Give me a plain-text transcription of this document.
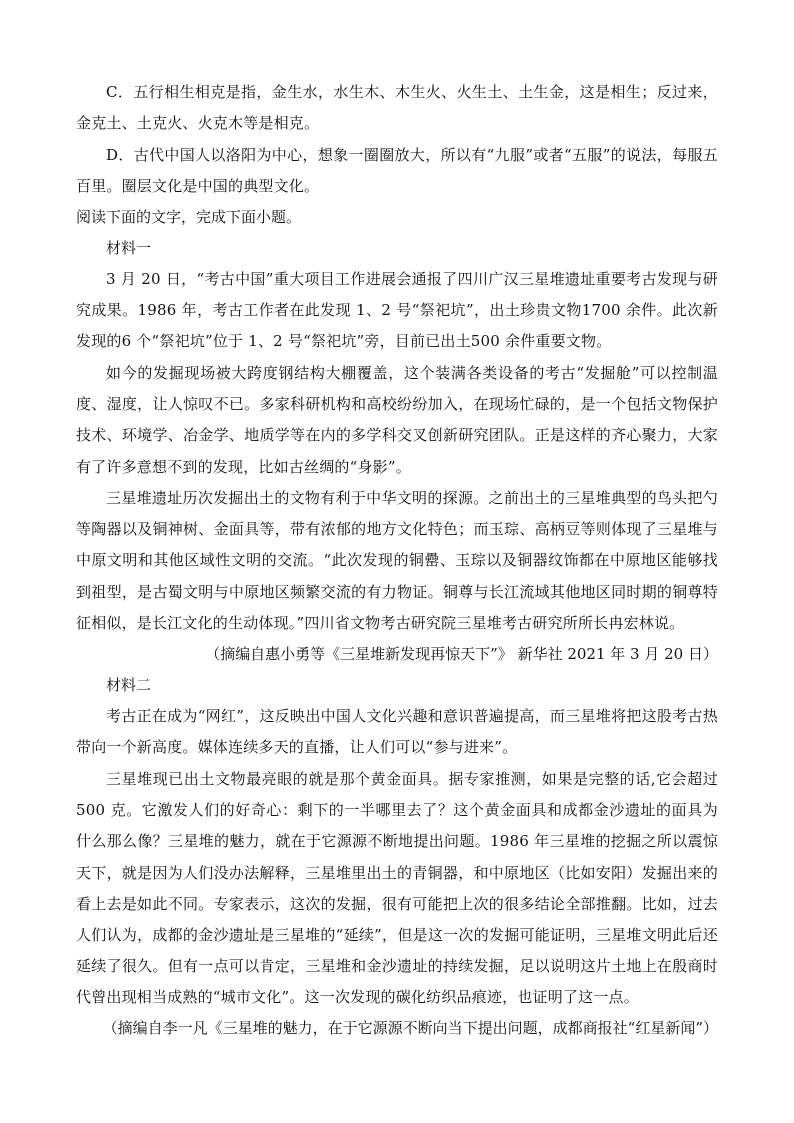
C．五行相生相克是指，金生水，水生木、木生火、火生土、土生金，这是相生；反过来，金克土、土克火、火克木等是相克。

D．古代中国人以洛阳为中心，想象一圈圈放大，所以有“九服”或者“五服”的说法，每服五百里。圈层文化是中国的典型文化。

阅读下面的文字，完成下面小题。

材料一

3 月 20 日，“考古中国”重大项目工作进展会通报了四川广汉三星堆遗址重要考古发现与研究成果。1986 年，考古工作者在此发现 1、2 号“祭祀坑”，出土珍贵文物1700 余件。此次新发现的6 个“祭祀坑”位于 1、2 号“祭祀坑”旁，目前已出土500 余件重要文物。

如今的发掘现场被大跨度钢结构大棚覆盖，这个装满各类设备的考古“发掘舱”可以控制温度、湿度，让人惊叹不已。多家科研机构和高校纷纷加入，在现场忙碌的，是一个包括文物保护技术、环境学、冶金学、地质学等在内的多学科交叉创新研究团队。正是这样的齐心聚力，大家有了许多意想不到的发现，比如古丝绸的“身影”。

三星堆遗址历次发掘出土的文物有利于中华文明的探源。之前出土的三星堆典型的鸟头把勺等陶器以及铜神树、金面具等，带有浓郁的地方文化特色；而玉琮、高柄豆等则体现了三星堆与中原文明和其他区域性文明的交流。“此次发现的铜罍、玉琮以及铜器纹饰都在中原地区能够找到祖型，是古蜀文明与中原地区频繁交流的有力物证。铜尊与长江流域其他地区同时期的铜尊特征相似，是长江文化的生动体现。”四川省文物考古研究院三星堆考古研究所所长冉宏林说。

（摘编自惠小勇等《三星堆新发现再惊天下”》 新华社 2021 年 3 月 20 日）

材料二

考古正在成为“网红”，这反映出中国人文化兴趣和意识普遍提高，而三星堆将把这股考古热带向一个新高度。媒体连续多天的直播，让人们可以“参与进来”。

三星堆现已出土文物最亮眼的就是那个黄金面具。据专家推测，如果是完整的话,它会超过 500 克。它激发人们的好奇心：剩下的一半哪里去了？这个黄金面具和成都金沙遗址的面具为什么那么像？三星堆的魅力，就在于它源源不断地提出问题。1986 年三星堆的挖掘之所以震惊天下，就是因为人们没办法解释，三星堆里出土的青铜器，和中原地区（比如安阳）发掘出来的看上去是如此不同。专家表示，这次的发掘，很有可能把上次的很多结论全部推翻。比如，过去人们认为，成都的金沙遗址是三星堆的“延续”，但是这一次的发掘可能证明，三星堆文明此后还延续了很久。但有一点可以肯定，三星堆和金沙遗址的持续发掘，足以说明这片土地上在殷商时代曾出现相当成熟的“城市文化”。这一次发现的碳化纺织品痕迹，也证明了这一点。

（摘编自李一凡《三星堆的魅力，在于它源源不断向当下提出问题，成都商报社“红星新闻”）
